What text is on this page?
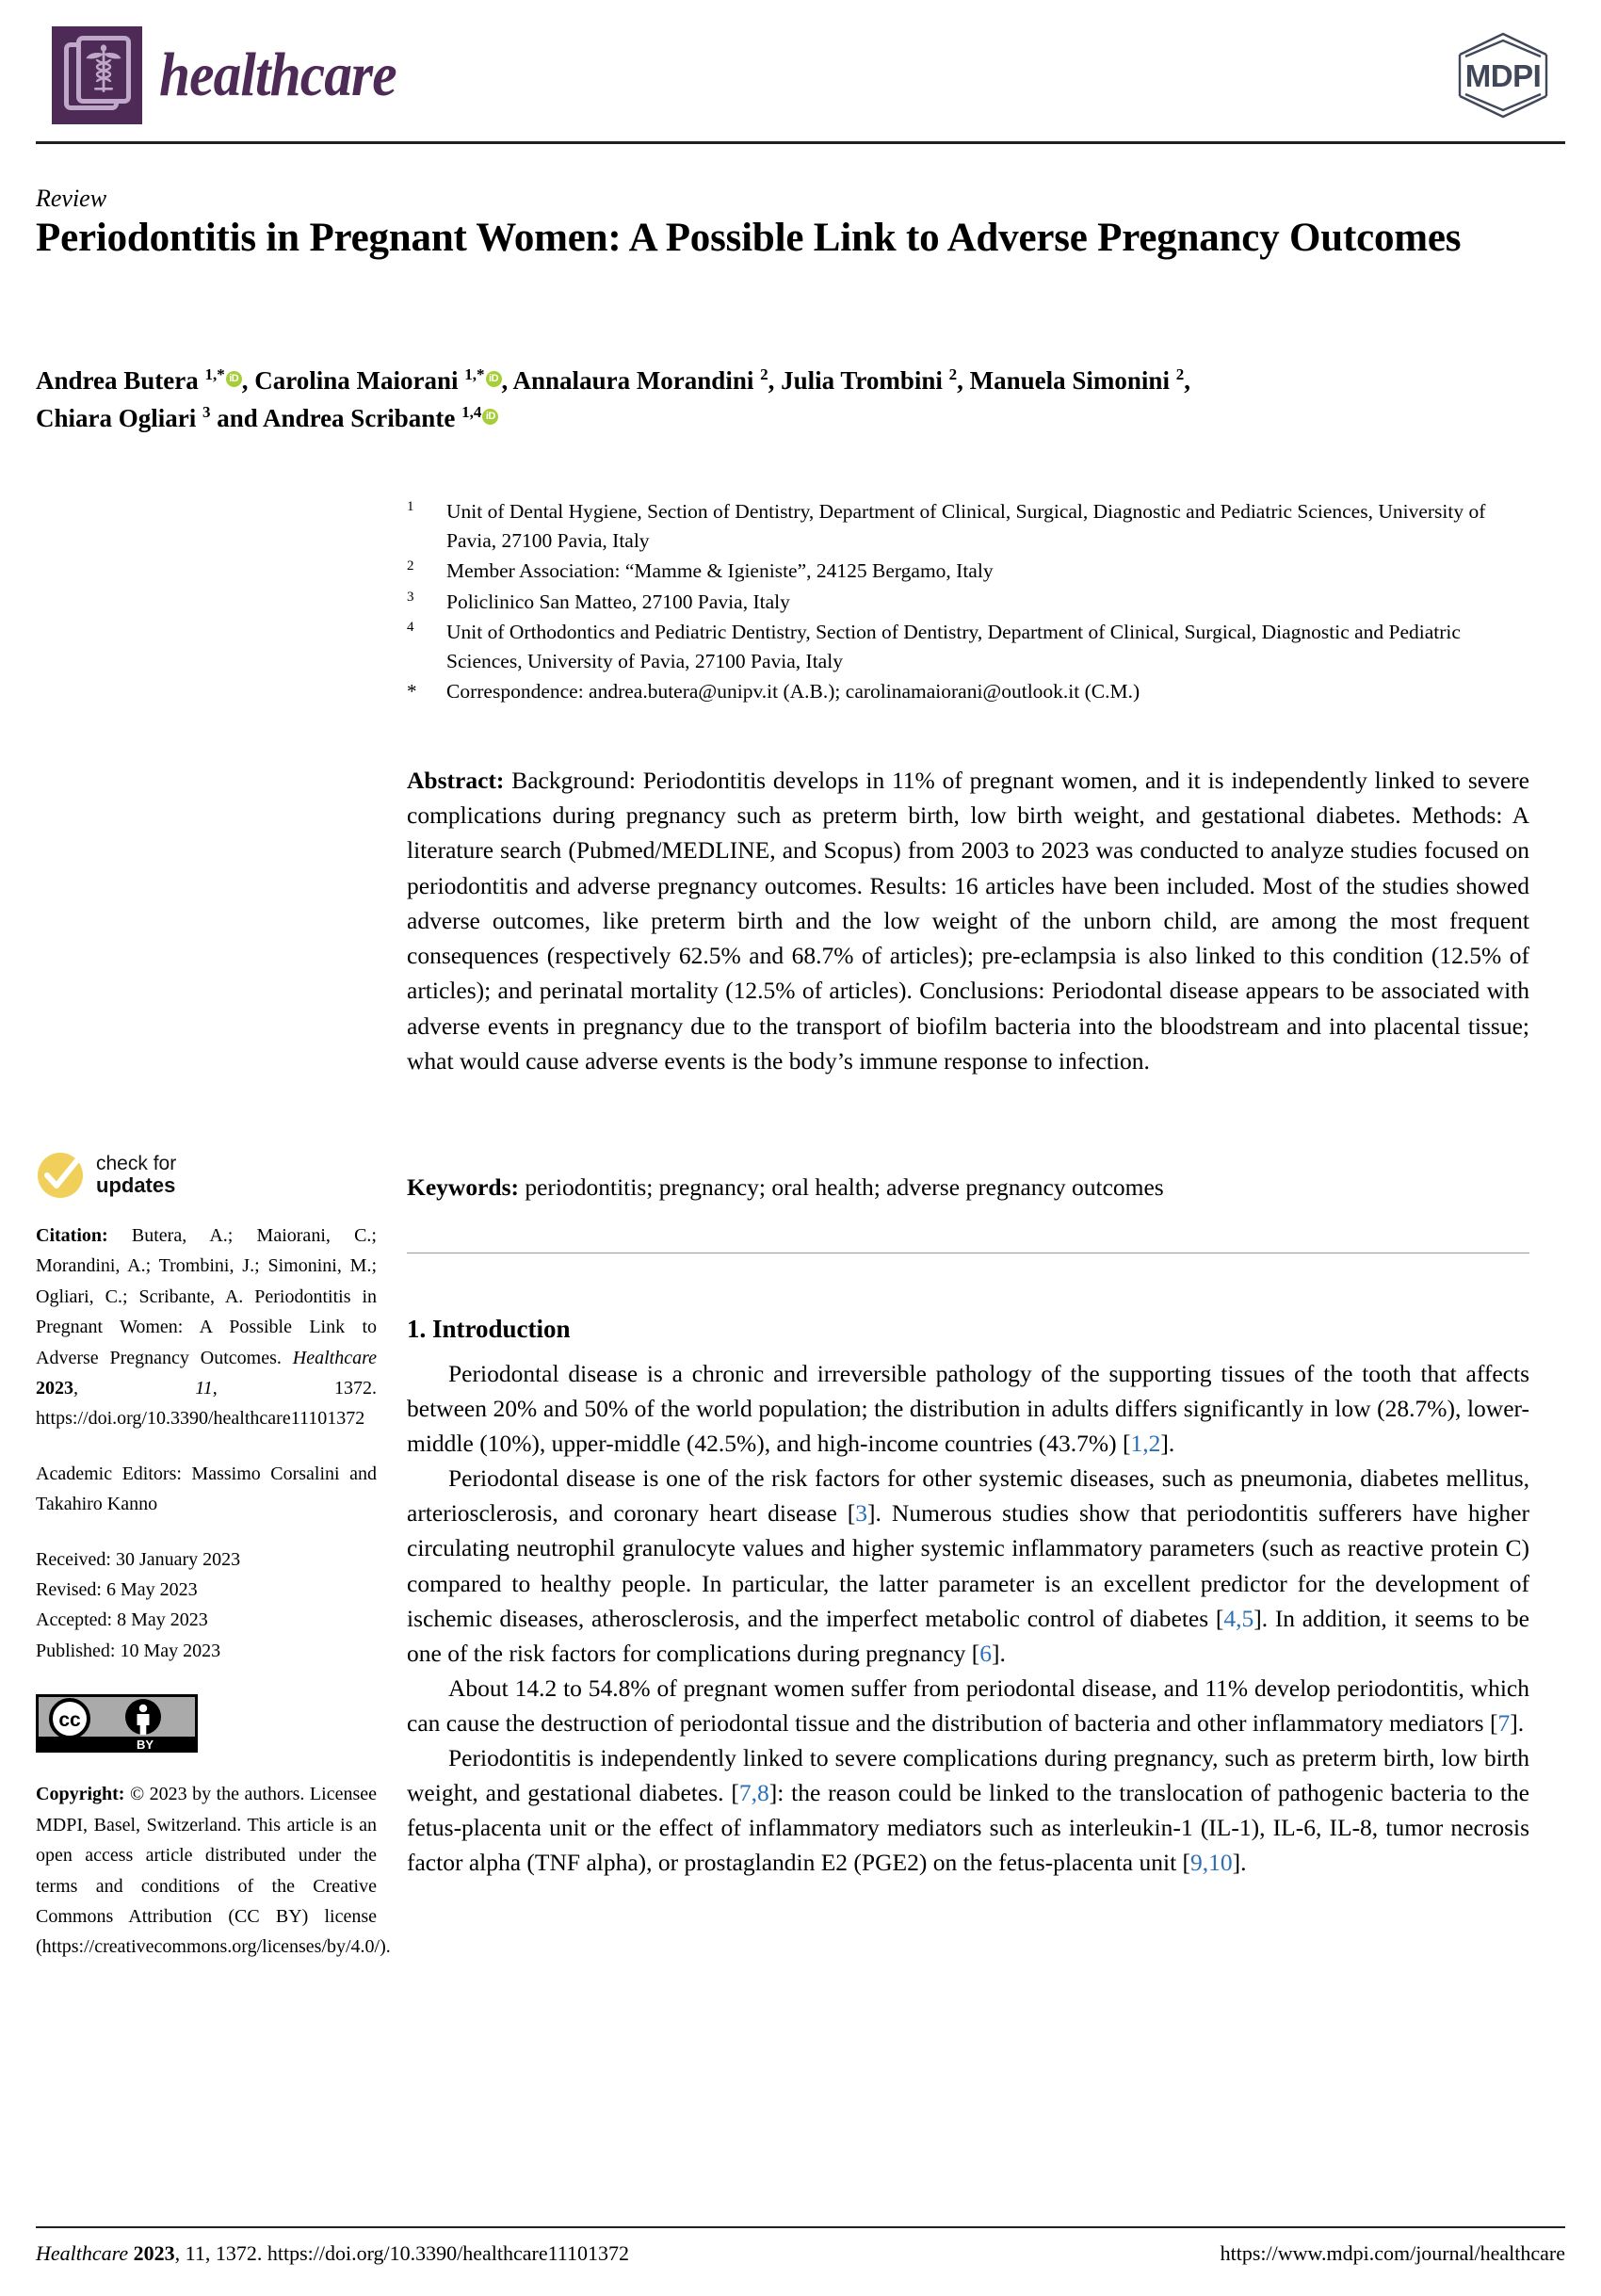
healthcare	MDPI
Review
Periodontitis in Pregnant Women: A Possible Link to Adverse Pregnancy Outcomes
Andrea Butera $^{1,*}$ iD , Carolina Maiorani $^{1,*}$ iD , Annalaura Morandini $^2$, Julia Trombini $^2$, Manuela Simonini $^2$,
Chiara Ogliari $^3$ and Andrea Scribante $^{1,4}$ iD
$^1$	Unit of Dental Hygiene, Section of Dentistry, Department of Clinical, Surgical, Diagnostic and Pediatric Sciences, University of Pavia, 27100 Pavia, Italy
$^2$	Member Association: “Mamme & Igieniste”, 24125 Bergamo, Italy
$^3$	Policlinico San Matteo, 27100 Pavia, Italy
$^4$	Unit of Orthodontics and Pediatric Dentistry, Section of Dentistry, Department of Clinical, Surgical, Diagnostic and Pediatric Sciences, University of Pavia, 27100 Pavia, Italy
*	Correspondence: andrea.butera@unipv.it (A.B.); carolinamaiorani@outlook.it (C.M.)
Abstract: Background: Periodontitis develops in 11% of pregnant women, and it is independently linked to severe complications during pregnancy such as preterm birth, low birth weight, and gestational diabetes. Methods: A literature search (Pubmed/MEDLINE, and Scopus) from 2003 to 2023 was conducted to analyze studies focused on periodontitis and adverse pregnancy outcomes. Results: 16 articles have been included. Most of the studies showed adverse outcomes, like preterm birth and the low weight of the unborn child, are among the most frequent consequences (respectively 62.5% and 68.7% of articles); pre-eclampsia is also linked to this condition (12.5% of articles); and perinatal mortality (12.5% of articles). Conclusions: Periodontal disease appears to be associated with adverse events in pregnancy due to the transport of biofilm bacteria into the bloodstream and into placental tissue; what would cause adverse events is the body’s immune response to infection.
Keywords: periodontitis; pregnancy; oral health; adverse pregnancy outcomes
1. Introduction

Periodontal disease is a chronic and irreversible pathology of the supporting tissues of the tooth that affects between 20% and 50% of the world population; the distribution in adults differs significantly in low (28.7%), lower-middle (10%), upper-middle (42.5%), and high-income countries (43.7%) [1,2].

Periodontal disease is one of the risk factors for other systemic diseases, such as pneumonia, diabetes mellitus, arteriosclerosis, and coronary heart disease [3]. Numerous studies show that periodontitis sufferers have higher circulating neutrophil granulocyte values and higher systemic inflammatory parameters (such as reactive protein C) compared to healthy people. In particular, the latter parameter is an excellent predictor for the development of ischemic diseases, atherosclerosis, and the imperfect metabolic control of diabetes [4,5]. In addition, it seems to be one of the risk factors for complications during pregnancy [6].

About 14.2 to 54.8% of pregnant women suffer from periodontal disease, and 11% develop periodontitis, which can cause the destruction of periodontal tissue and the distribution of bacteria and other inflammatory mediators [7].

Periodontitis is independently linked to severe complications during pregnancy, such as preterm birth, low birth weight, and gestational diabetes. [7,8]: the reason could be linked to the translocation of pathogenic bacteria to the fetus-placenta unit or the effect of inflammatory mediators such as interleukin-1 (IL-1), IL-6, IL-8, tumor necrosis factor alpha (TNF alpha), or prostaglandin E2 (PGE2) on the fetus-placenta unit [9,10].

check for
updates
Citation: Butera, A.; Maiorani, C.; Morandini, A.; Trombini, J.; Simonini, M.; Ogliari, C.; Scribante, A. Periodontitis in Pregnant Women: A Possible Link to Adverse Pregnancy Outcomes. Healthcare 2023, 11, 1372. https://doi.org/10.3390/healthcare11101372
Academic Editors: Massimo Corsalini and Takahiro Kanno
Received: 30 January 2023
Revised: 6 May 2023
Accepted: 8 May 2023
Published: 10 May 2023
cc
BY
Copyright: © 2023 by the authors. Licensee MDPI, Basel, Switzerland. This article is an open access article distributed under the terms and conditions of the Creative Commons Attribution (CC BY) license (https://creativecommons.org/licenses/by/4.0/).
Healthcare 2023, 11, 1372. https://doi.org/10.3390/healthcare11101372	https://www.mdpi.com/journal/healthcare
